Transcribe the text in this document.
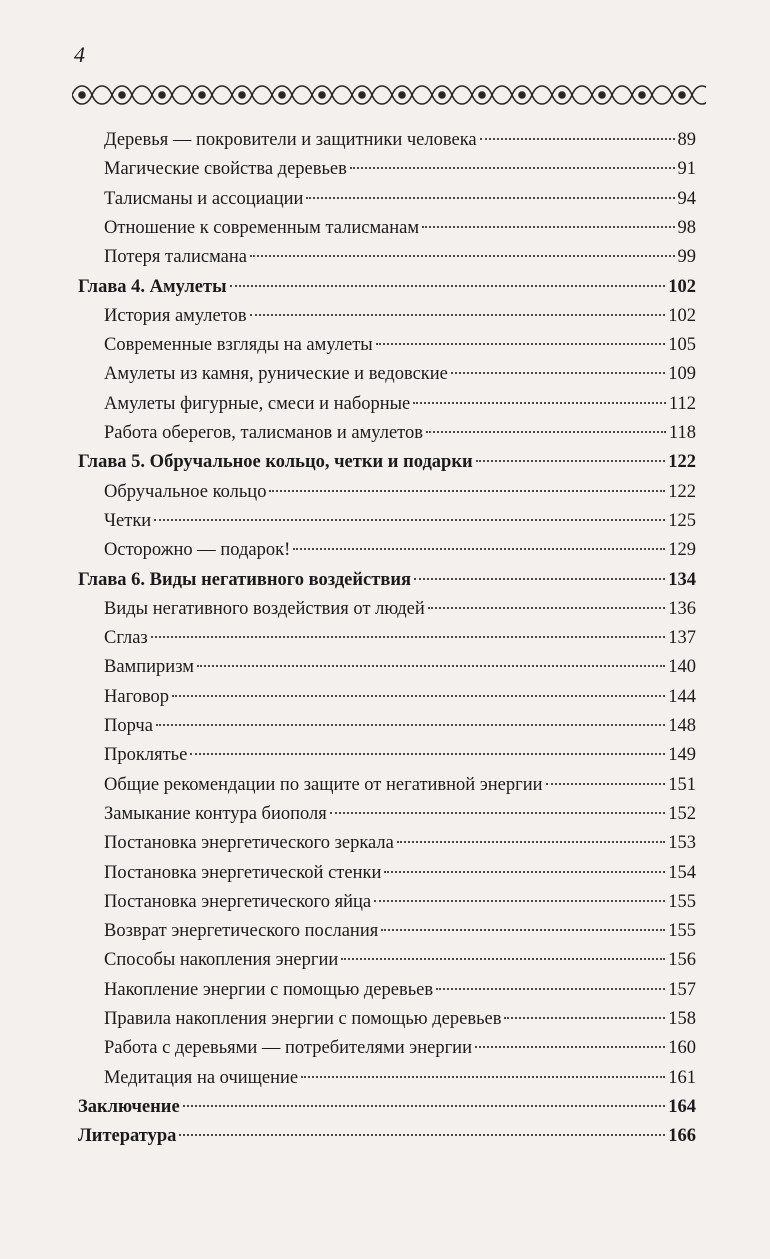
4
Деревья — покровители и защитники человека	89
Магические свойства деревьев	91
Талисманы и ассоциации	94
Отношение к современным талисманам	98
Потеря талисмана	99
Глава 4. Амулеты	102
История амулетов	102
Современные взгляды на амулеты	105
Амулеты из камня, рунические и ведовские	109
Амулеты фигурные, смеси и наборные	112
Работа оберегов, талисманов и амулетов	118
Глава 5. Обручальное кольцо, четки и подарки	122
Обручальное кольцо	122
Четки	125
Осторожно — подарок!	129
Глава 6. Виды негативного воздействия	134
Виды негативного воздействия от людей	136
Сглаз	137
Вампиризм	140
Наговор	144
Порча	148
Проклятье	149
Общие рекомендации по защите от негативной энергии	151
Замыкание контура биополя	152
Постановка энергетического зеркала	153
Постановка энергетической стенки	154
Постановка энергетического яйца	155
Возврат энергетического послания	155
Способы накопления энергии	156
Накопление энергии с помощью деревьев	157
Правила накопления энергии с помощью деревьев	158
Работа с деревьями — потребителями энергии	160
Медитация на очищение	161
Заключение	164
Литература	166
